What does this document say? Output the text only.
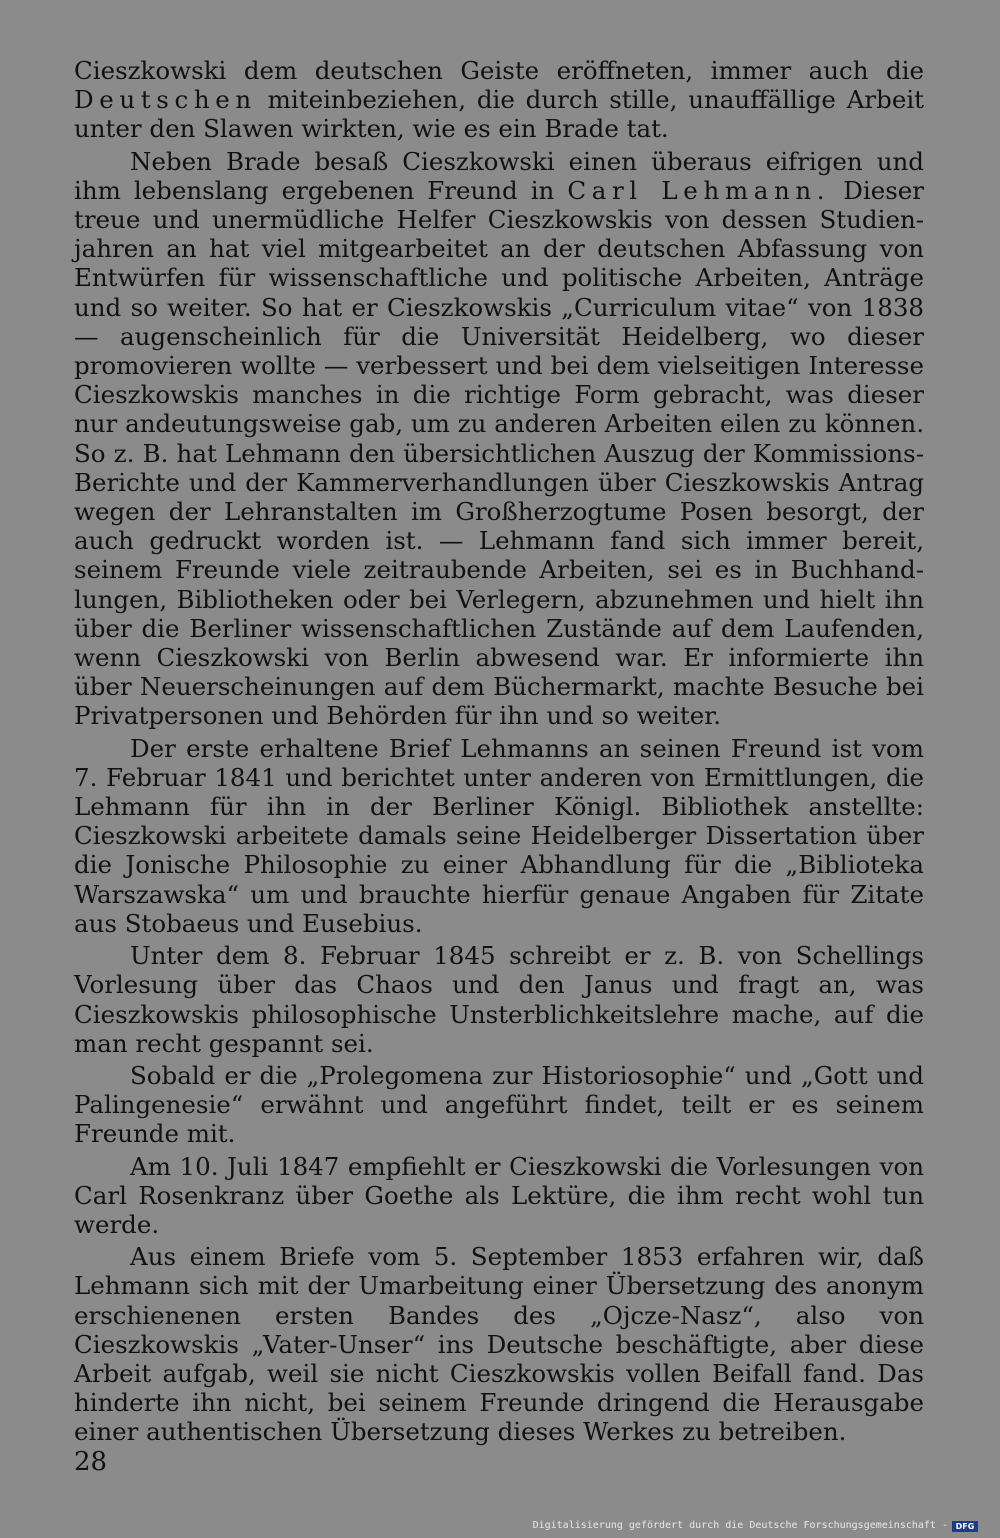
Cieszkowski dem deutschen Geiste eröffneten, immer auch die Deutschen miteinbeziehen, die durch stille, unauffällige Arbeit unter den Slawen wirkten, wie es ein Brade tat.

Neben Brade besaß Cieszkowski einen überaus eifrigen und ihm lebenslang ergebenen Freund in Carl Lehmann. Dieser treue und unermüdliche Helfer Cieszkowskis von dessen Studienjahren an hat viel mitgearbeitet an der deutschen Abfassung von Entwürfen für wissenschaftliche und politische Arbeiten, Anträge und so weiter. So hat er Cieszkowskis „Curriculum vitae“ von 1838 — augenscheinlich für die Universität Heidelberg, wo dieser promovieren wollte — verbessert und bei dem vielseitigen Interesse Cieszkowskis manches in die richtige Form gebracht, was dieser nur andeutungsweise gab, um zu anderen Arbeiten eilen zu können. So z. B. hat Lehmann den übersichtlichen Auszug der Kommissions-Berichte und der Kammerverhandlungen über Cieszkowskis Antrag wegen der Lehranstalten im Großherzogtume Posen besorgt, der auch gedruckt worden ist. — Lehmann fand sich immer bereit, seinem Freunde viele zeitraubende Arbeiten, sei es in Buchhandlungen, Bibliotheken oder bei Verlegern, abzunehmen und hielt ihn über die Berliner wissenschaftlichen Zustände auf dem Laufenden, wenn Cieszkowski von Berlin abwesend war. Er informierte ihn über Neuerscheinungen auf dem Büchermarkt, machte Besuche bei Privatpersonen und Behörden für ihn und so weiter.

Der erste erhaltene Brief Lehmanns an seinen Freund ist vom 7. Februar 1841 und berichtet unter anderen von Ermittlungen, die Lehmann für ihn in der Berliner Königl. Bibliothek anstellte: Cieszkowski arbeitete damals seine Heidelberger Dissertation über die Jonische Philosophie zu einer Abhandlung für die „Biblioteka Warszawska“ um und brauchte hierfür genaue Angaben für Zitate aus Stobaeus und Eusebius.

Unter dem 8. Februar 1845 schreibt er z. B. von Schellings Vorlesung über das Chaos und den Janus und fragt an, was Cieszkowskis philosophische Unsterblichkeitslehre mache, auf die man recht gespannt sei.

Sobald er die „Prolegomena zur Historiosophie“ und „Gott und Palingenesie“ erwähnt und angeführt findet, teilt er es seinem Freunde mit.

Am 10. Juli 1847 empfiehlt er Cieszkowski die Vorlesungen von Carl Rosenkranz über Goethe als Lektüre, die ihm recht wohl tun werde.

Aus einem Briefe vom 5. September 1853 erfahren wir, daß Lehmann sich mit der Umarbeitung einer Übersetzung des anonym erschienenen ersten Bandes des „Ojcze-Nasz“, also von Cieszkowskis „Vater-Unser“ ins Deutsche beschäftigte, aber diese Arbeit aufgab, weil sie nicht Cieszkowskis vollen Beifall fand. Das hinderte ihn nicht, bei seinem Freunde dringend die Herausgabe einer authentischen Übersetzung dieses Werkes zu betreiben.

28
Digitalisierung gefördert durch die Deutsche Forschungsgemeinschaft - DFG
